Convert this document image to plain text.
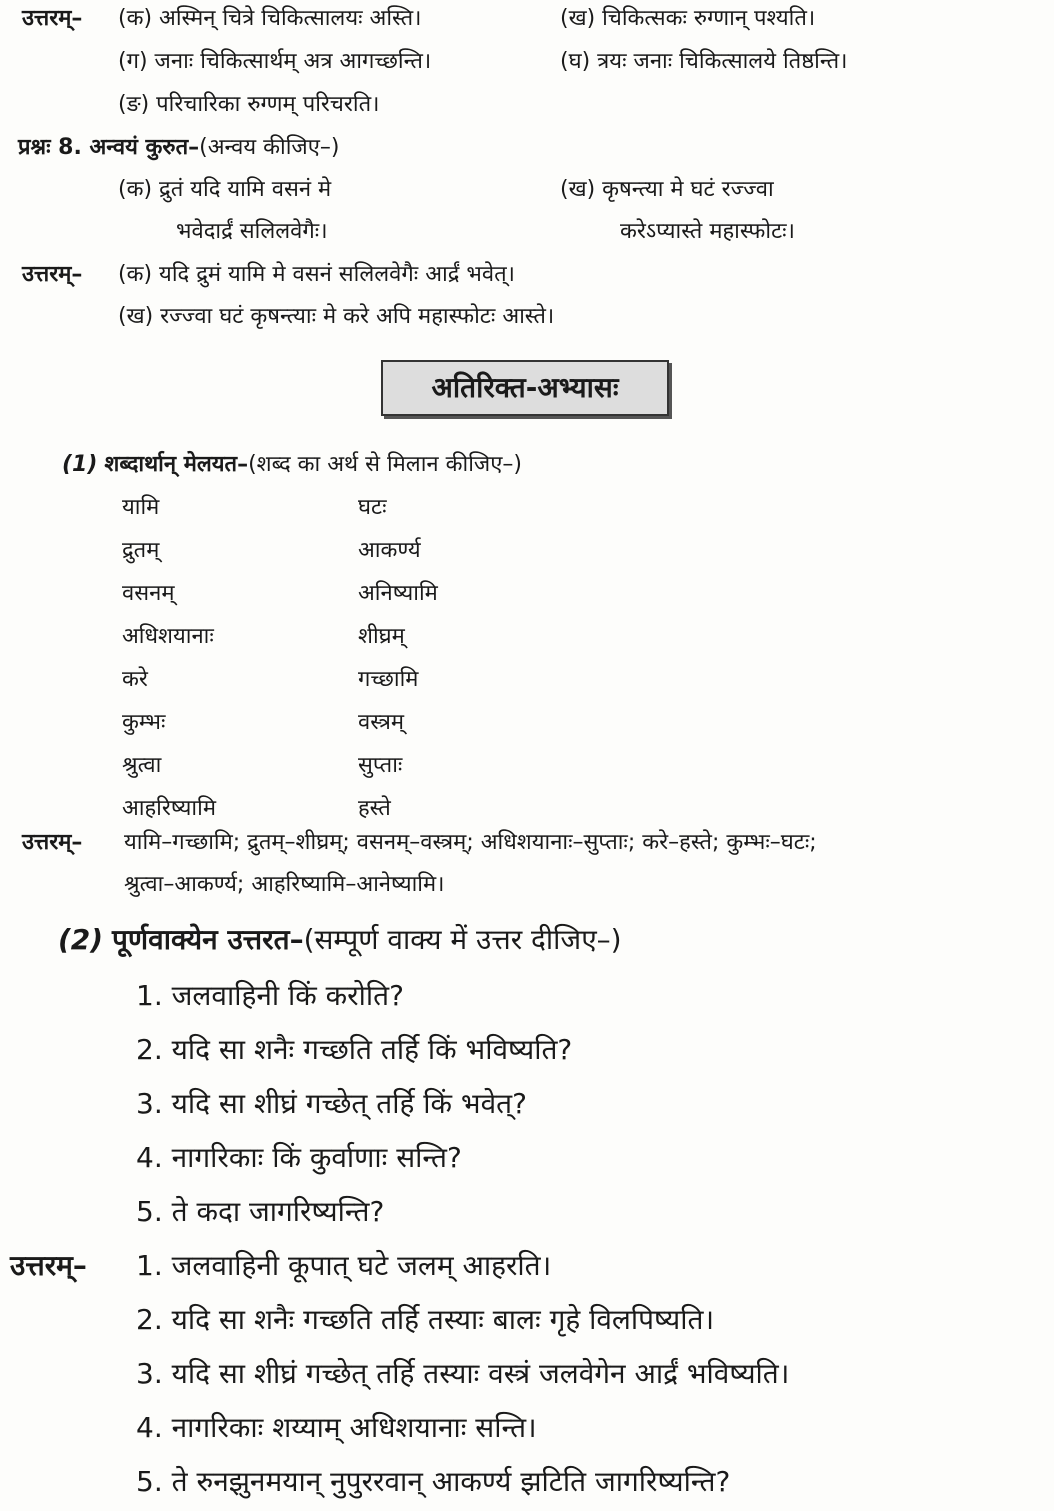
उत्तरम्– (क) अस्मिन् चित्रे चिकित्सालयः अस्ति।	(ख) चिकित्सकः रुग्णान् पश्यति।
(ग) जनाः चिकित्सार्थम् अत्र आगच्छन्ति।	(घ) त्रयः जनाः चिकित्सालये तिष्ठन्ति।
(ङ) परिचारिका रुग्णम् परिचरति।
प्रश्नः 8. अन्वयं कुरुत–(अन्वय कीजिए–)
(क) द्रुतं यदि यामि वसनं मे
भवेदार्द्रं सलिलवेगैः।
(ख) कृषन्त्या मे घटं रज्ज्वा
करेऽप्यास्ते महास्फोटः।
उत्तरम्– (क) यदि द्रुमं यामि मे वसनं सलिलवेगैः आर्द्रं भवेत्।
(ख) रज्ज्वा घटं कृषन्त्याः मे करे अपि महास्फोटः आस्ते।
अतिरिक्त-अभ्यासः
(1) शब्दार्थान् मेलयत–(शब्द का अर्थ से मिलान कीजिए–)
उत्तरम्– यामि–गच्छामि; द्रुतम्–शीघ्रम्; वसनम्–वस्त्रम्; अधिशयानाः–सुप्ताः; करे–हस्ते; कुम्भः–घटः;
श्रुत्वा–आकर्ण्य; आहरिष्यामि–आनेष्यामि।
(2) पूर्णवाक्येन उत्तरत–(सम्पूर्ण वाक्य में उत्तर दीजिए–)
उत्तरम्–
यामि	घटः
द्रुतम्	आकर्ण्य
वसनम्	अनिष्यामि
अधिशयानाः	शीघ्रम्
करे	गच्छामि
कुम्भः	वस्त्रम्
श्रुत्वा	सुप्ताः
आहरिष्यामि	हस्ते
1. जलवाहिनी किं करोति?
2. यदि सा शनैः गच्छति तर्हि किं भविष्यति?
3. यदि सा शीघ्रं गच्छेत् तर्हि किं भवेत्?
4. नागरिकाः किं कुर्वाणाः सन्ति?
5. ते कदा जागरिष्यन्ति?
1. जलवाहिनी कूपात् घटे जलम् आहरति।
2. यदि सा शनैः गच्छति तर्हि तस्याः बालः गृहे विलपिष्यति।
3. यदि सा शीघ्रं गच्छेत् तर्हि तस्याः वस्त्रं जलवेगेन आर्द्रं भविष्यति।
4. नागरिकाः शय्याम् अधिशयानाः सन्ति।
5. ते रुनझुनमयान् नुपुररवान् आकर्ण्य झटिति जागरिष्यन्ति?
